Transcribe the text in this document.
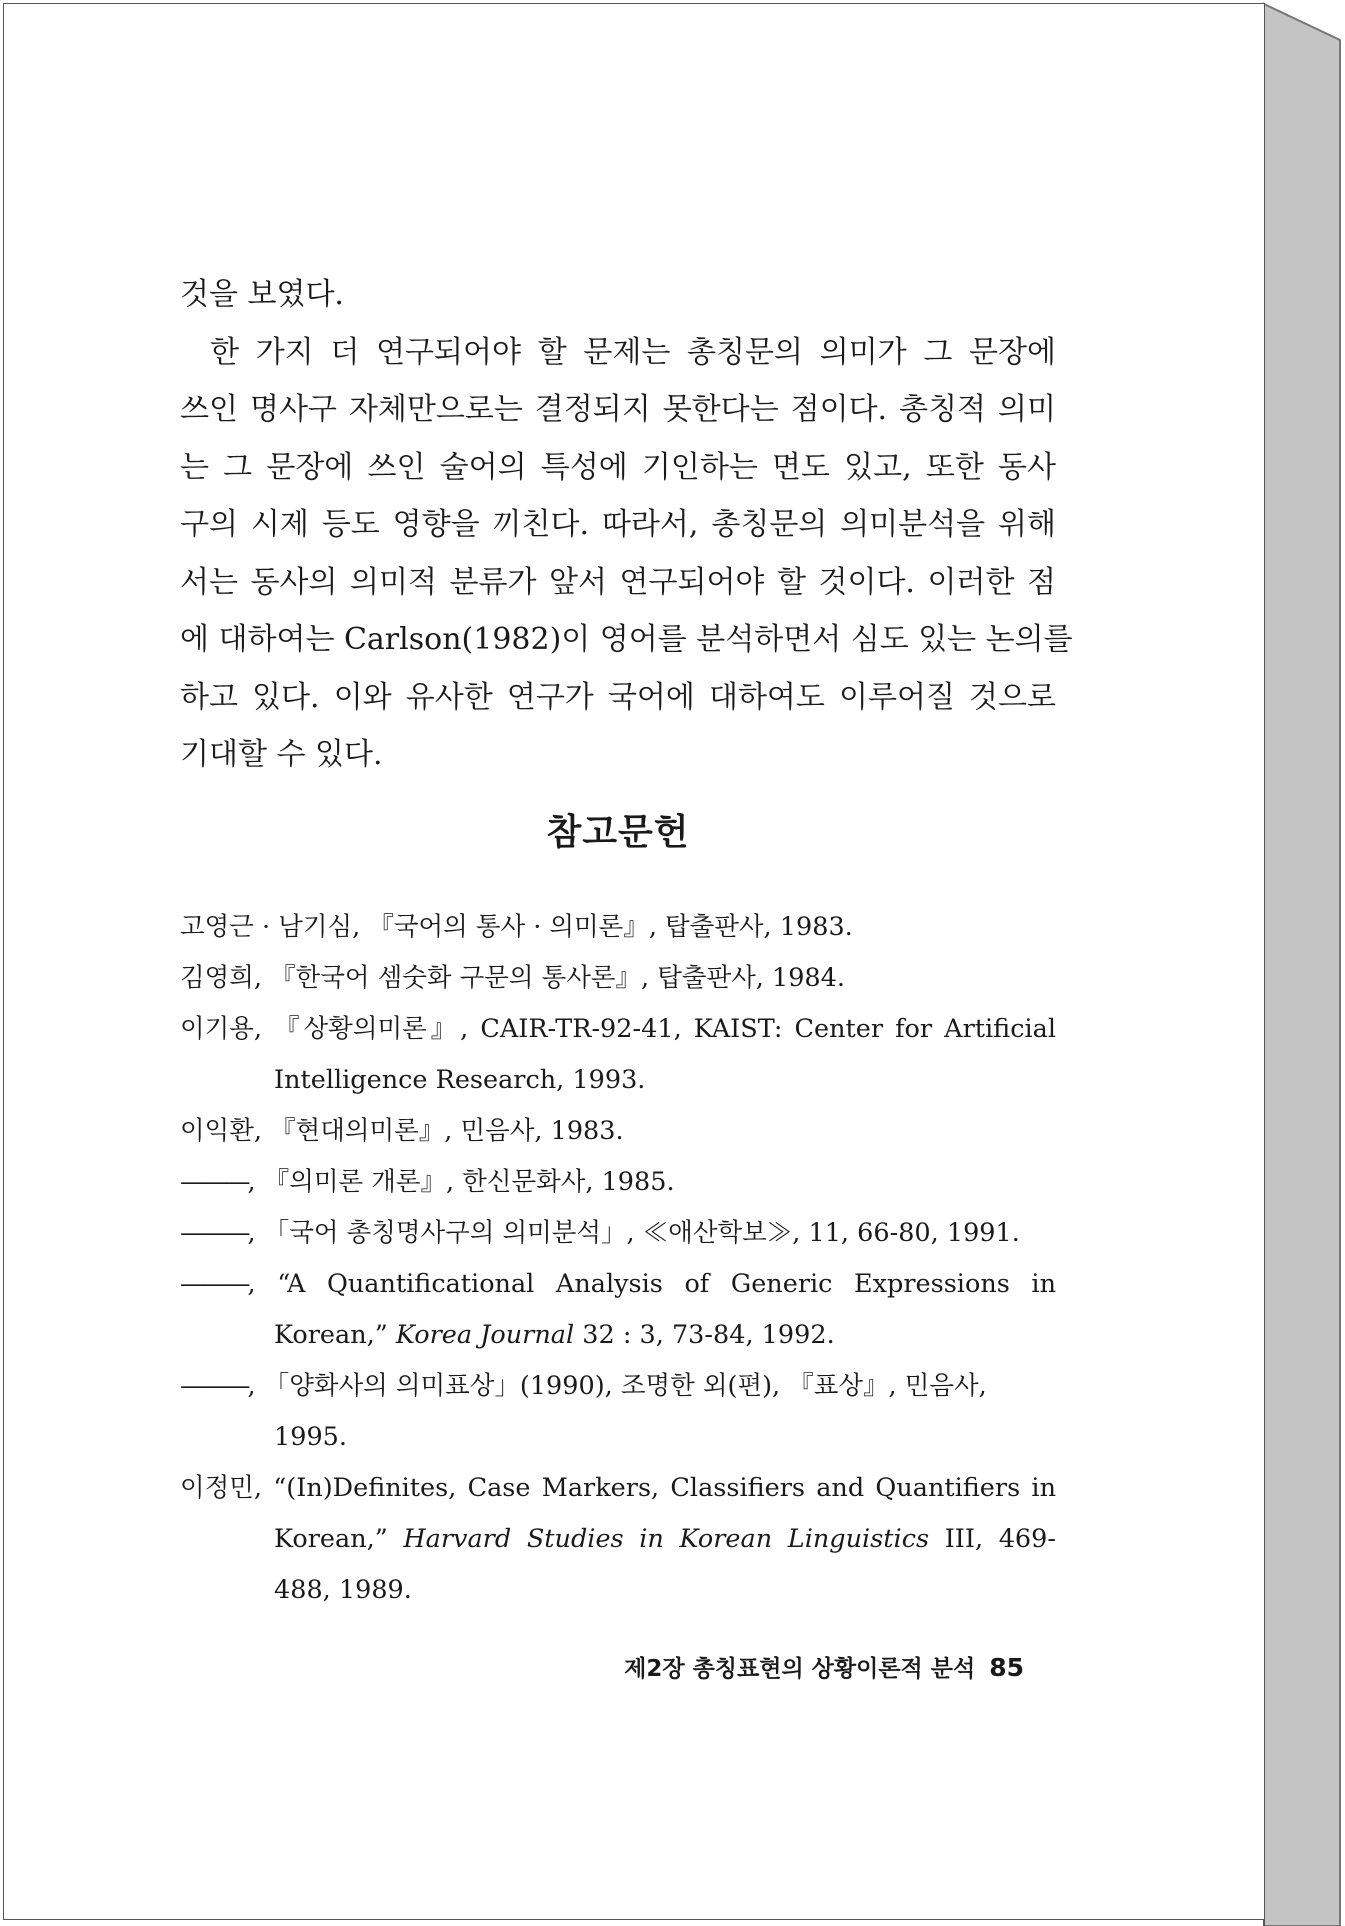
것을 보였다.
한 가지 더 연구되어야 할 문제는 총칭문의 의미가 그 문장에
쓰인 명사구 자체만으로는 결정되지 못한다는 점이다. 총칭적 의미
는 그 문장에 쓰인 술어의 특성에 기인하는 면도 있고, 또한 동사
구의 시제 등도 영향을 끼친다. 따라서, 총칭문의 의미분석을 위해
서는 동사의 의미적 분류가 앞서 연구되어야 할 것이다. 이러한 점
에 대하여는 Carlson(1982)이 영어를 분석하면서 심도 있는 논의를
하고 있다. 이와 유사한 연구가 국어에 대하여도 이루어질 것으로
기대할 수 있다.
참고문헌

고영근 · 남기심, 『국어의 통사 · 의미론』, 탑출판사, 1983.

김영희, 『한국어 셈숫화 구문의 통사론』, 탑출판사, 1984.

이기용, 『상황의미론』, CAIR-TR-92-41, KAIST: Center for Artificial Intelligence Research, 1993.

이익환, 『현대의미론』, 민음사, 1983.

———, 『의미론 개론』, 한신문화사, 1985.

———, 「국어 총칭명사구의 의미분석」, ≪애산학보≫, 11, 66-80, 1991.

———, “A Quantificational Analysis of Generic Expressions in Korean,” Korea Journal 32 : 3, 73-84, 1992.

———, 「양화사의 의미표상」(1990), 조명한 외(편), 『표상』, 민음사, 1995.

이정민, “(In)Definites, Case Markers, Classifiers and Quantifiers in Korean,” Harvard Studies in Korean Linguistics III, 469-488, 1989.

제2장 총칭표현의 상황이론적 분석 85
